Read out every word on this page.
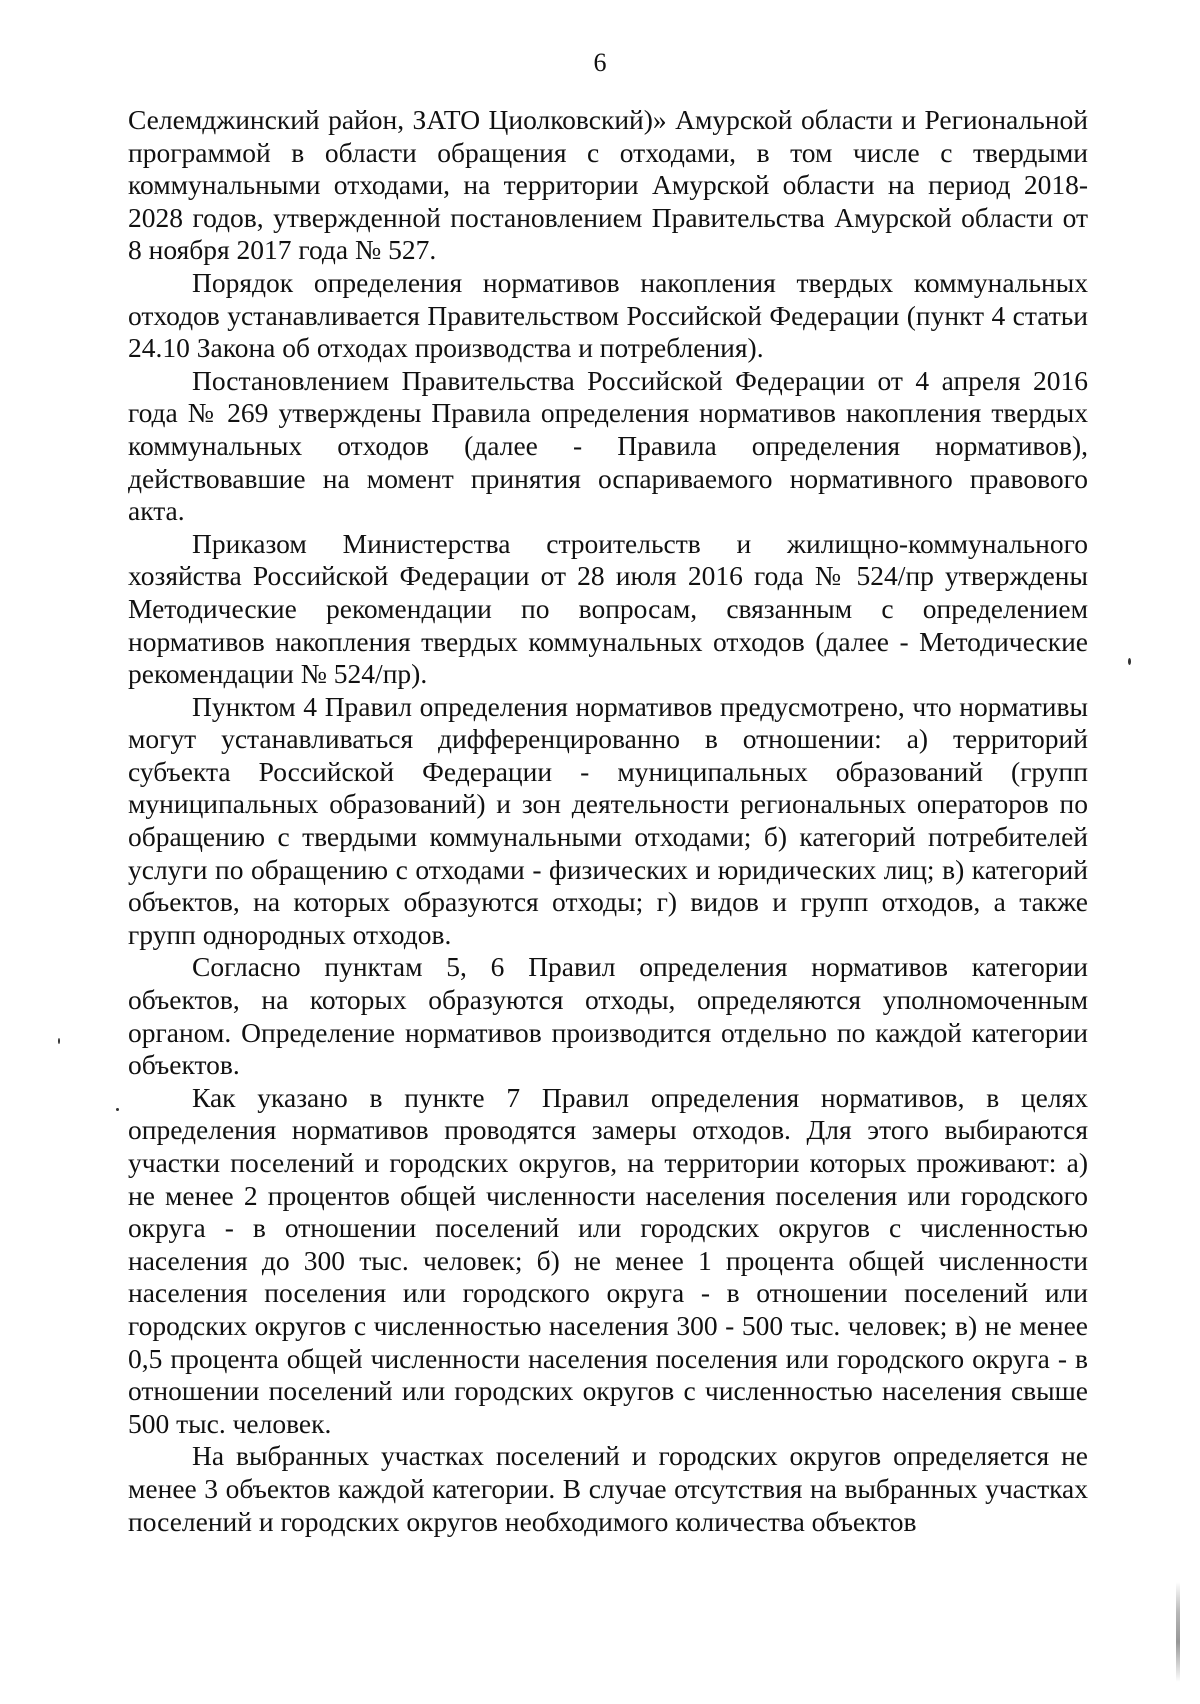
6

Селемджинский район, ЗАТО Циолковский)» Амурской области и Региональной программой в области обращения с отходами, в том числе с твердыми коммунальными отходами, на территории Амурской области на период 2018-2028 годов, утвержденной постановлением Правительства Амурской области от 8 ноября 2017 года № 527.

Порядок определения нормативов накопления твердых коммунальных отходов устанавливается Правительством Российской Федерации (пункт 4 статьи 24.10 Закона об отходах производства и потребления).

Постановлением Правительства Российской Федерации от 4 апреля 2016 года № 269 утверждены Правила определения нормативов накопления твердых коммунальных отходов (далее - Правила определения нормативов), действовавшие на момент принятия оспариваемого нормативного правового акта.

Приказом Министерства строительств и жилищно-коммунального хозяйства Российской Федерации от 28 июля 2016 года № 524/пр утверждены Методические рекомендации по вопросам, связанным с определением нормативов накопления твердых коммунальных отходов (далее - Методические рекомендации № 524/пр).

Пунктом 4 Правил определения нормативов предусмотрено, что нормативы могут устанавливаться дифференцированно в отношении: а) территорий субъекта Российской Федерации - муниципальных образований (групп муниципальных образований) и зон деятельности региональных операторов по обращению с твердыми коммунальными отходами; б) категорий потребителей услуги по обращению с отходами - физических и юридических лиц; в) категорий объектов, на которых образуются отходы; г) видов и групп отходов, а также групп однородных отходов.

Согласно пунктам 5, 6 Правил определения нормативов категории объектов, на которых образуются отходы, определяются уполномоченным органом. Определение нормативов производится отдельно по каждой категории объектов.

Как указано в пункте 7 Правил определения нормативов, в целях определения нормативов проводятся замеры отходов. Для этого выбираются участки поселений и городских округов, на территории которых проживают: а) не менее 2 процентов общей численности населения поселения или городского округа - в отношении поселений или городских округов с численностью населения до 300 тыс. человек; б) не менее 1 процента общей численности населения поселения или городского округа - в отношении поселений или городских округов с численностью населения 300 - 500 тыс. человек; в) не менее 0,5 процента общей численности населения поселения или городского округа - в отношении поселений или городских округов с численностью населения свыше 500 тыс. человек.

На выбранных участках поселений и городских округов определяется не менее 3 объектов каждой категории. В случае отсутствия на выбранных участках поселений и городских округов необходимого количества объектов
